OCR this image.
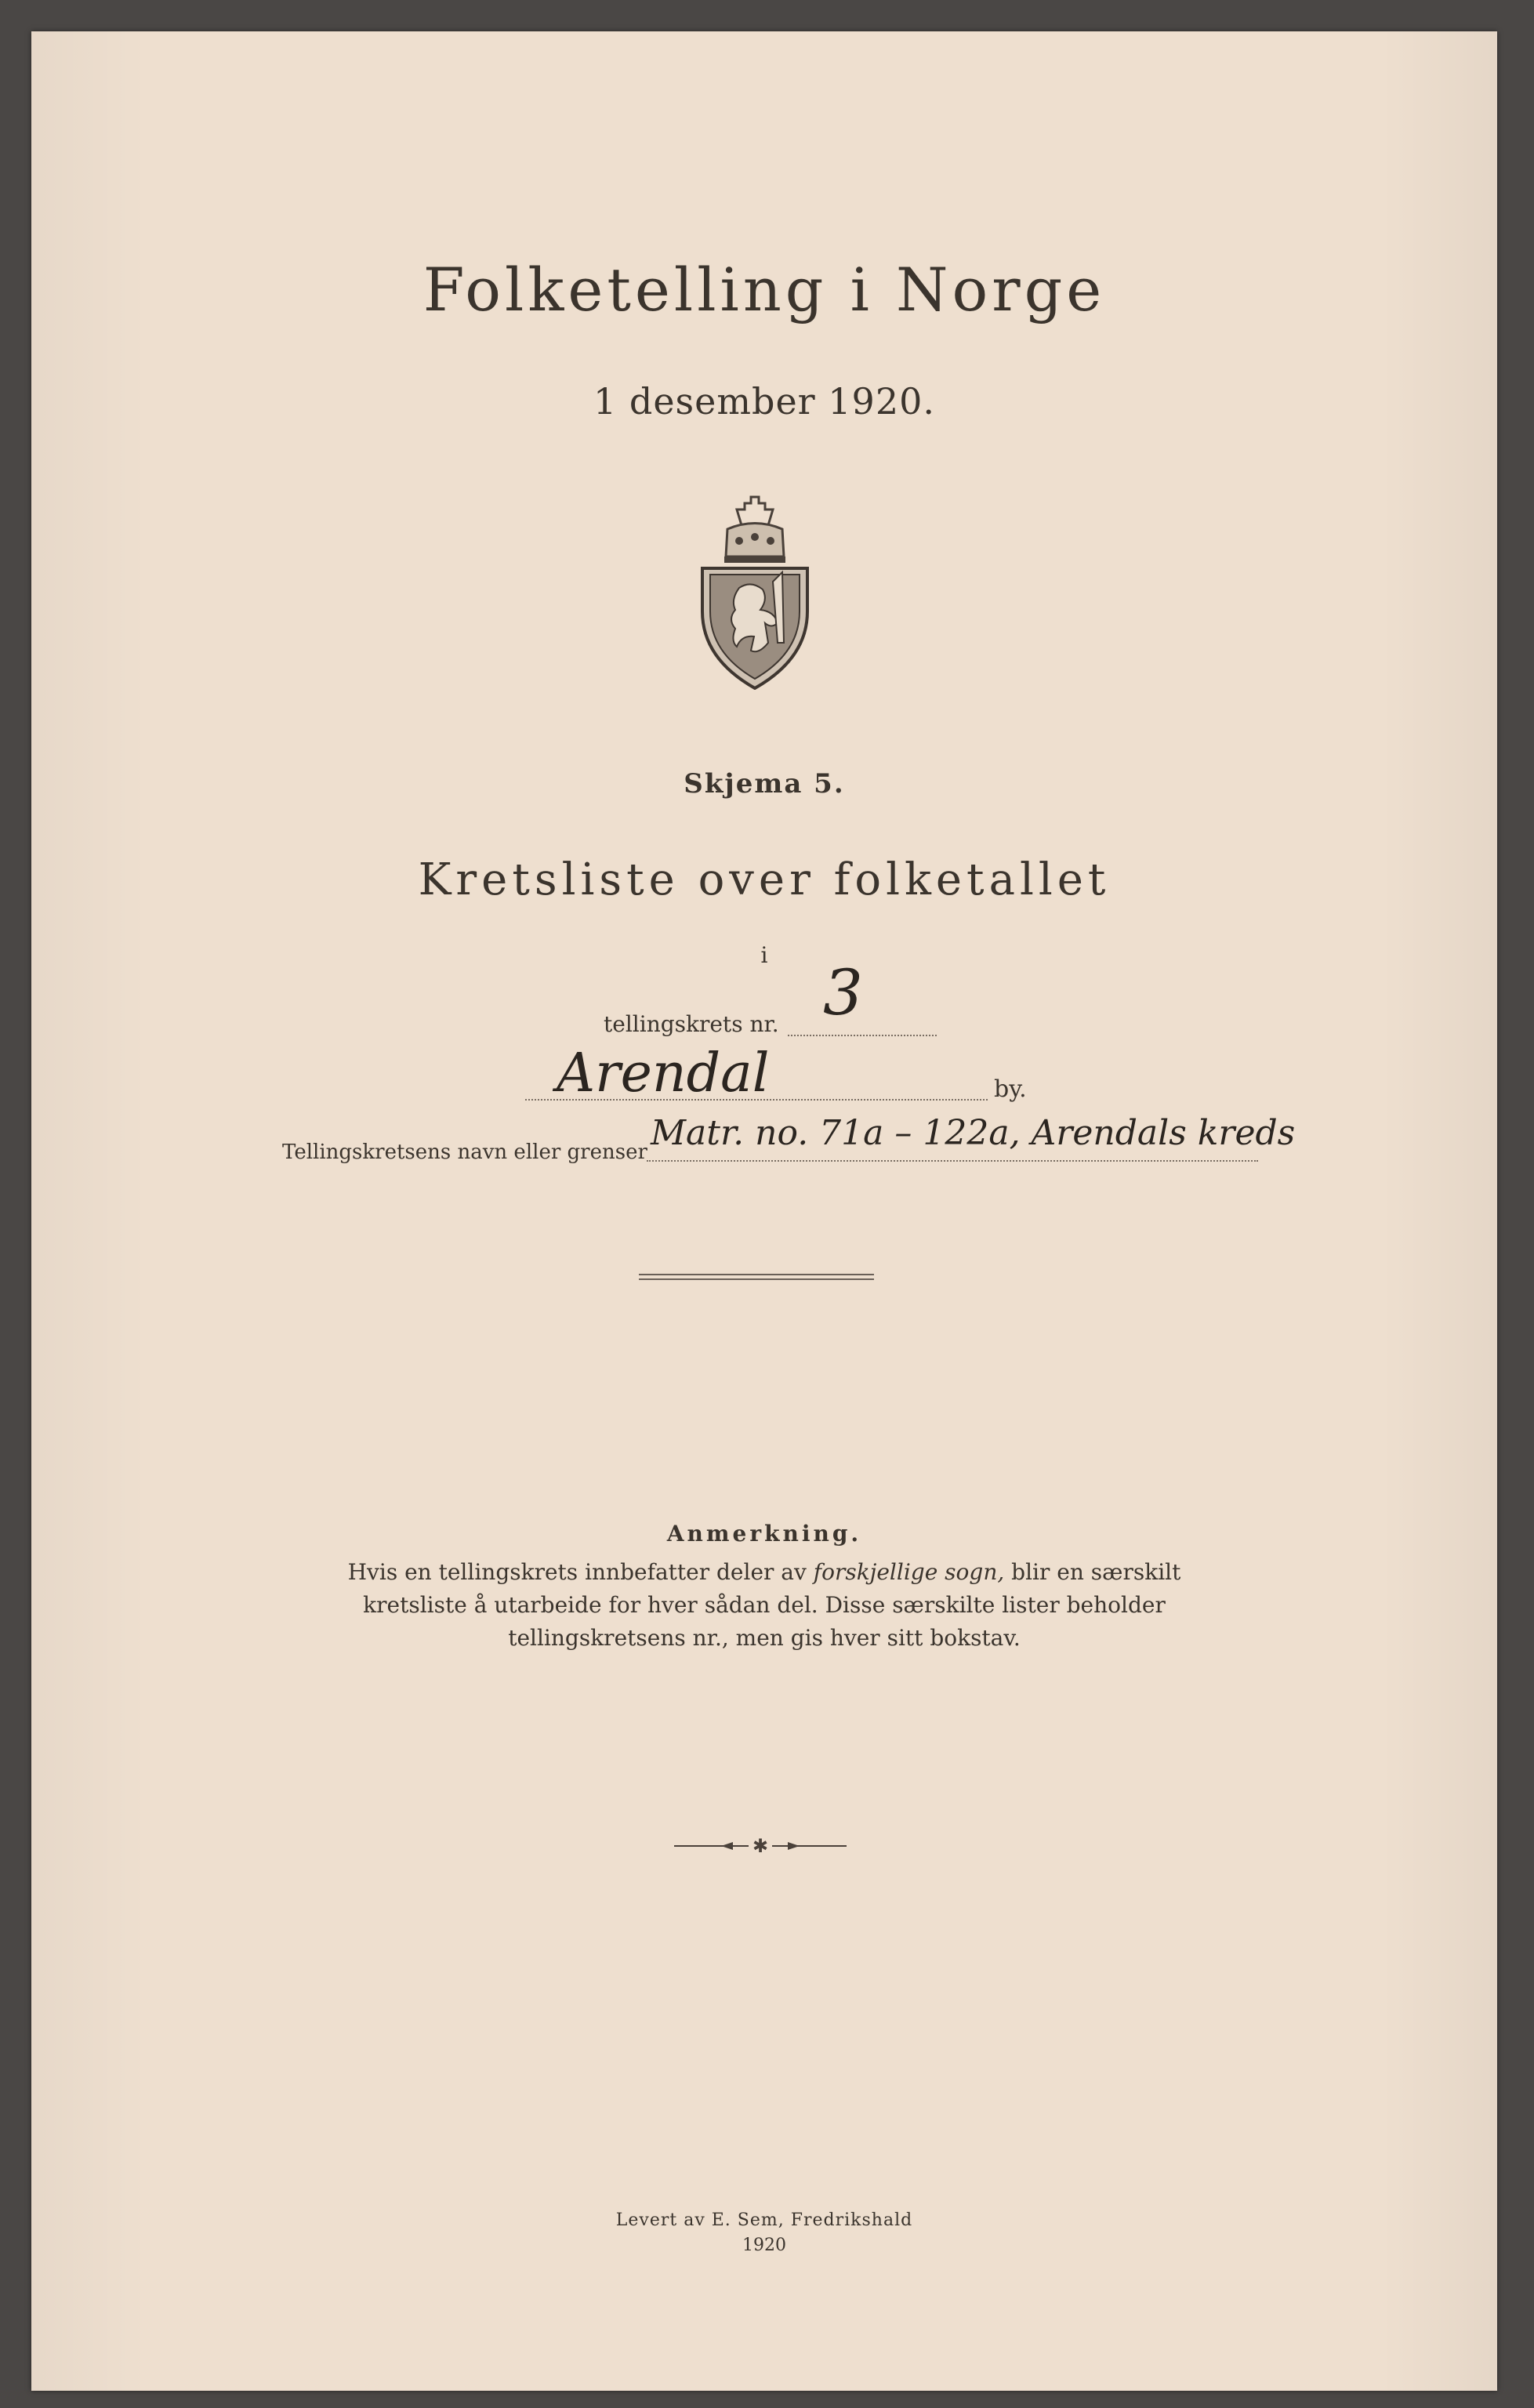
Folketelling i Norge
1 desember 1920.
Skjema 5.
Kretsliste over folketallet
i
tellingskrets nr. 3
Arendal	by.
Tellingskretsens navn eller grenser Matr. no. 71a – 122a, Arendals kreds
Anmerkning.
Hvis en tellingskrets innbefatter deler av forskjellige sogn, blir en særskilt kretsliste å utarbeide for hver sådan del. Disse særskilte lister beholder tellingskretsens nr., men gis hver sitt bokstav.
✱
Levert av E. Sem, Fredrikshald
1920
